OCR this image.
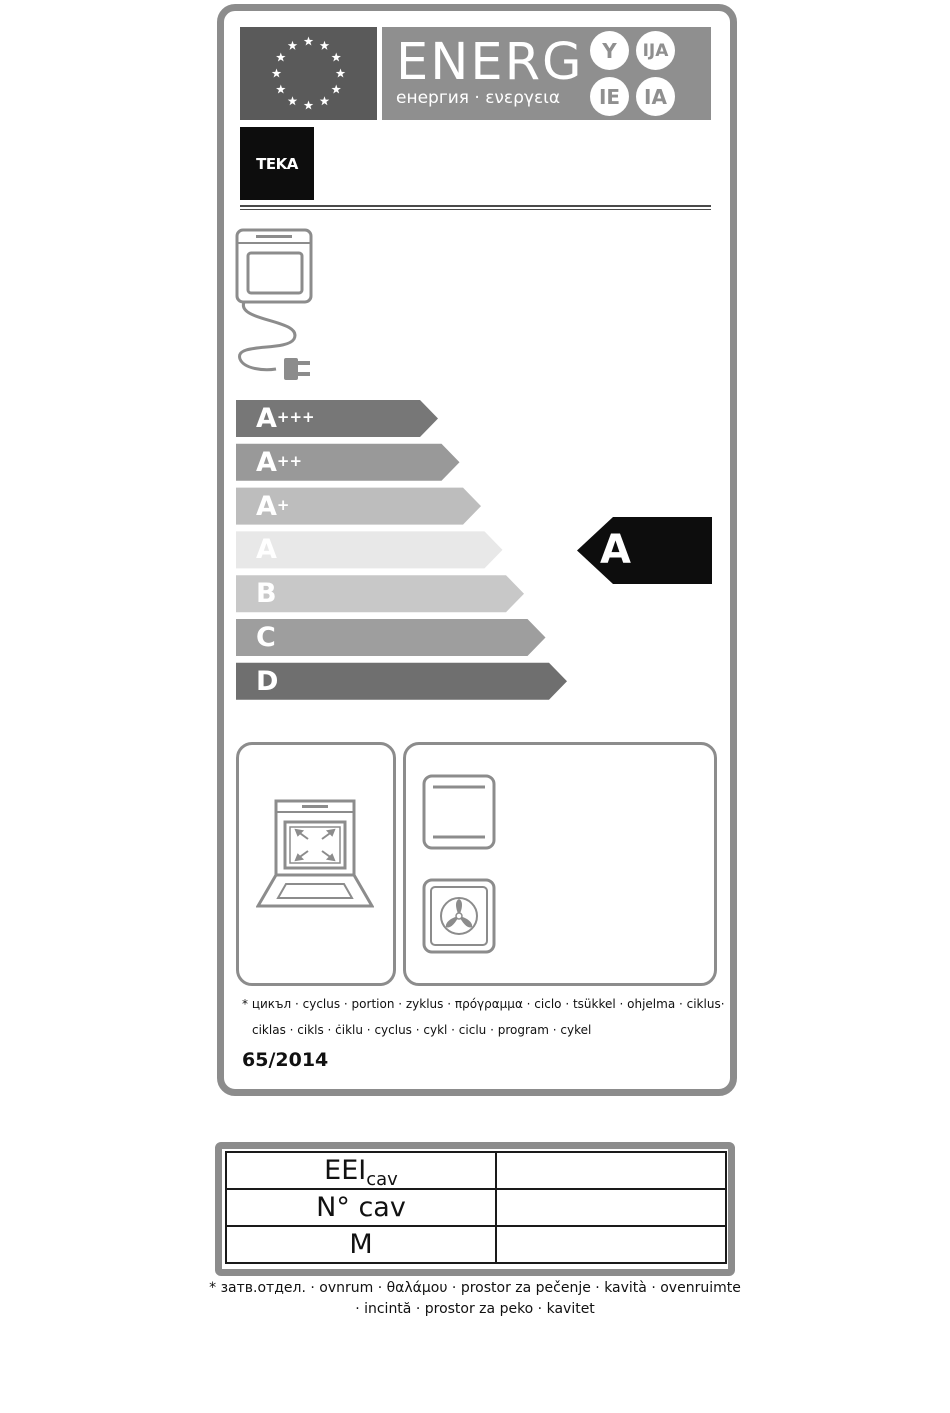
ENERG
енергия · ενεργεια
Y	IJA
IE	IA
TEKA
A+++
A++
A+
A
B
C
D
A
* цикъл · cyclus · portion · zyklus · πρόγραμμα · ciclo · tsükkel · ohjelma · ciklus·
ciklas · cikls · ċiklu · cyclus · cykl · ciclu · program · cykel
65/2014
$EEI_{cav}$	
N° cav	
M	
* затв.отдел. · ovnrum · θαλάμου · prostor za pečenje · kavità · ovenruimte
· incintă · prostor za peko · kavitet
